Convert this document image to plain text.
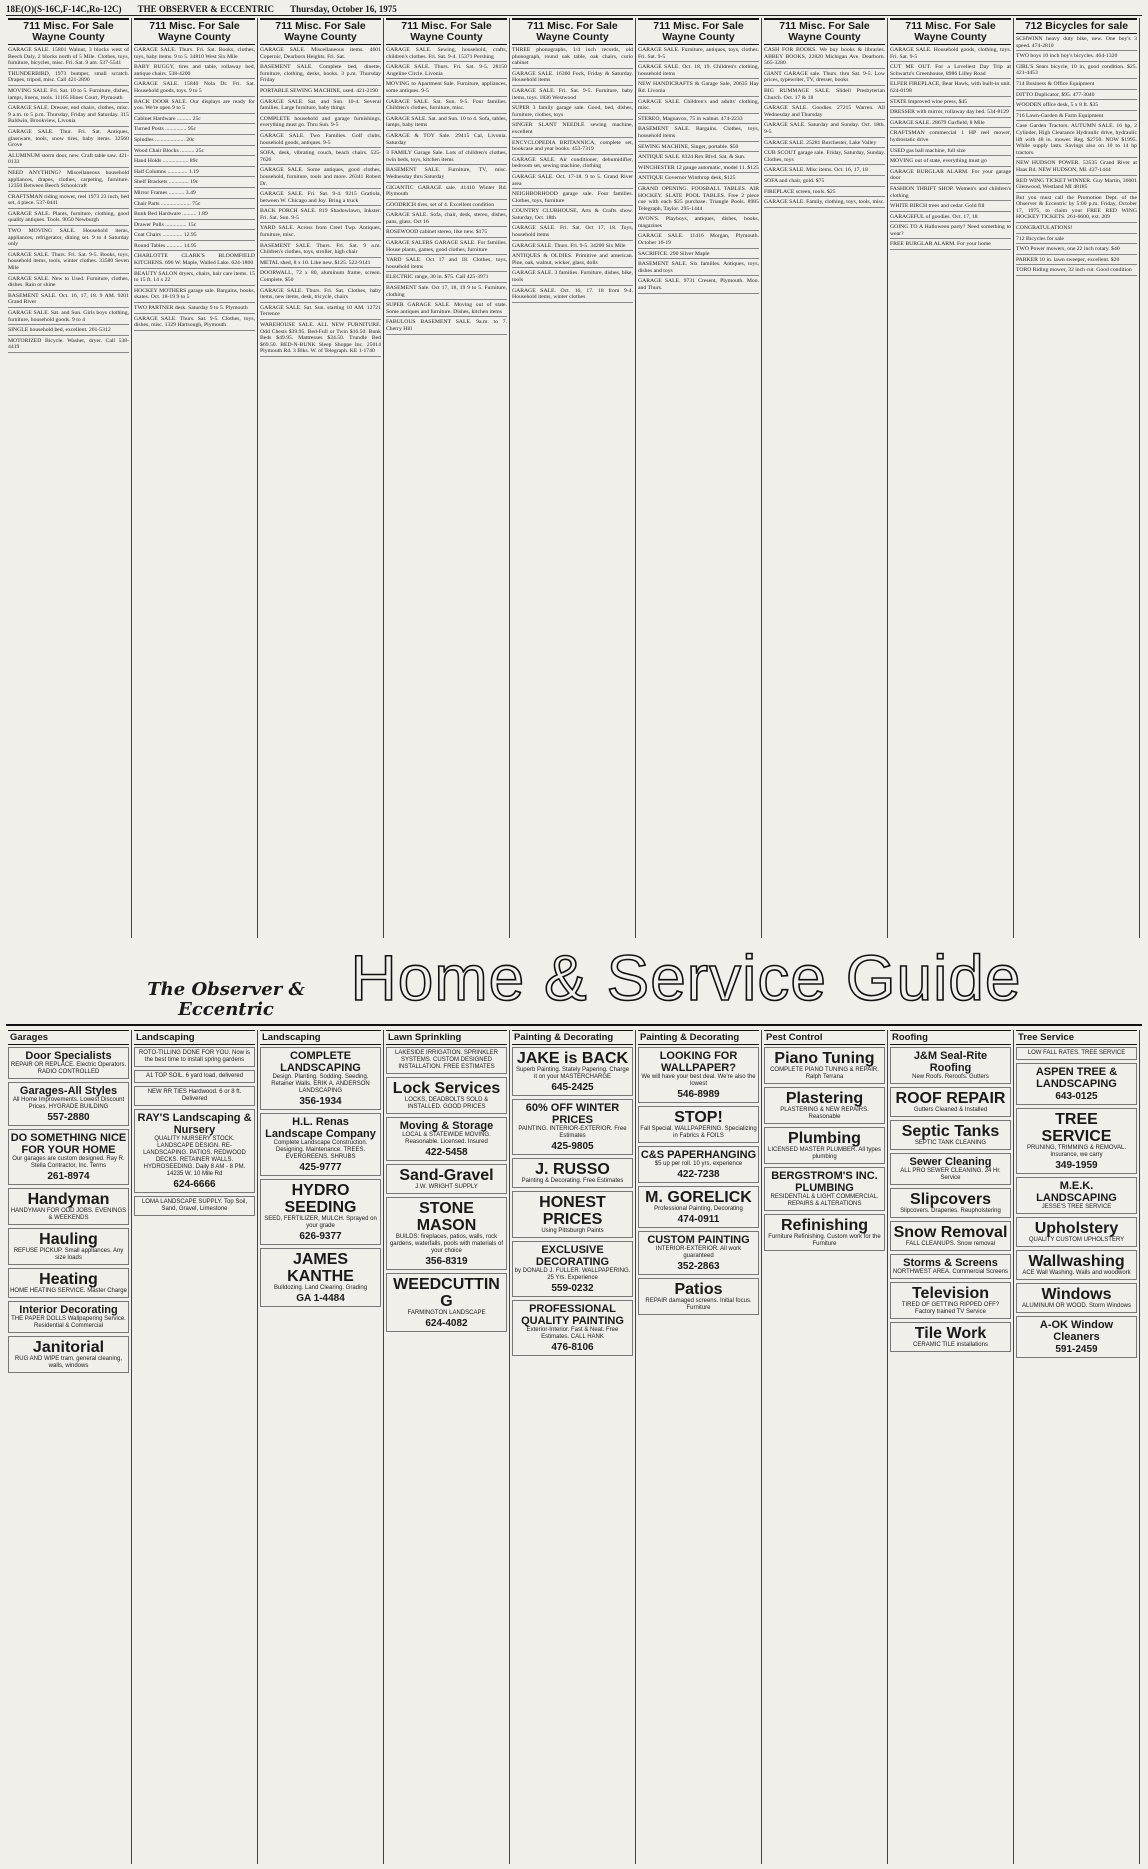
18E(O)(S-16C,F-14C,Ro-12C) THE OBSERVER & ECCENTRIC Thursday, October 16, 1975
711 Misc. For Sale Wayne County
GARAGE SALE. 15801 Walnut, 3 blocks west of Beech Daly, 2 blocks north of 5 Mile. Clothes, toys, furniture, bicycles, misc. Fri. Sat. 9 am. 537-5541
THUNDERBIRD, 1973 bumper, small scratch. Drapes, tripod, misc. Call 421-2890
MOVING SALE. Fri. Sat. 10 to 5. Furniture, dishes, lamps, linens, tools. 11165 Hines Court, Plymouth
GARAGE SALE. Dresser, end chairs, clothes, misc. 9 a.m. to 5 p.m. Thursday, Friday and Saturday. 315 Baldwin, Brookview, Livonia
GARAGE SALE. Thur. Fri. Sat. Antiques, glassware, tools, snow tires, baby items. 32560 Grove
ALUMINUM storm door, new. Craft table saw. 421-0133
NEED ANYTHING? Miscellaneous household appliances, drapes, clothes, carpeting, furniture. 12350 Between Beech Schoolcraft
CRAFTSMAN riding mower, reel 1973 23 inch, bed set, 4 piece. 537-0441
GARAGE SALE. Plants, furniture, clothing, good quality antiques. Tools. 9050 Newburgh
TWO MOVING SALE. Household items, appliances, refrigerator, dining set. 9 to 4 Saturday only
GARAGE SALE. Thurs. Fri. Sat. 9-5. Books, toys, household items, tools, winter clothes. 33580 Seven Mile
GARAGE SALE. New to Used. Furniture, clothes, dishes. Rain or shine
BASEMENT SALE. Oct. 16, 17, 18. 9 AM. 9201 Grand River
GARAGE SALE. Sat. and Sun. Girls boys clothing, furniture, household goods. 9 to 4
SINGLE household bed, excellent. 261-5312
MOTORIZED Bicycle. Washer, dryer. Call 538-4419
711 Misc. For Sale Wayne County
GARAGE SALE. Thurs. Fri. Sat. Books, clothes, toys, baby items. 9 to 5. 34810 West Six Mile
BABY BUGGY, tires and table, rollaway bed, antique chairs. 538-4200
GARAGE SALE. 15840 Nola Dr. Fri. Sat. Household goods, toys. 9 to 5
BACK DOOR SALE. Our displays are ready for you. We're open 9 to 5
Cabinet Hardware .......... 25c
Turned Posts ............... 95c
Spindles ..................... 20c
Wood Chair Blocks .......... 25c
Hand Holds .................. 89c
Half Columns .............. 1.19
Shelf Brackets .............. 19c
Mirror Frames ........... 3.49
Chair Parts ..................... 75c
Bunk Bed Hardware .......... 1.89
Drawer Pulls ............... 15c
Coat Chairs .............. 12.95
Round Tables ........... 14.95
CHARLOTTE CLARK'S BLOOMFIELD KITCHENS. 696 W. Maple, Walled Lake. 624-1800
BEAUTY SALON dryers, chairs, hair care items. 15 to 15 ft. 14 x 22
HOCKEY MOTHERS garage sale. Bargains, books, skates. Oct. 18-19 9 to 5
TWO PARTNER desk. Saturday 9 to 5. Plymouth
GARAGE SALE. Thurs. Sat. 9-5. Clothes, toys, dishes, misc. 1329 Hartsough, Plymouth
711 Misc. For Sale Wayne County
GARAGE SALE. Miscellaneous items. 4601 Copernic, Dearborn Heights. Fri. Sat.
BASEMENT SALE. Complete bed, dinette, furniture, clothing, desks, books. 3 p.m. Thursday Friday
PORTABLE SEWING MACHINE, used. 421-2190
GARAGE SALE. Sat. and Sun. 10-4. Several families. Large furniture, baby things
COMPLETE household and garage furnishings, everything must go. Thru Sun. 9-5
GARAGE SALE. Two Families. Golf clubs, household goods, antiques. 9-5
SOFA, desk, vibrating couch, beach chairs. 525-7626
GARAGE SALE. Some antiques, good clothes, household, furniture, tools and more. 26341 Robert Dr.
GARAGE SALE. Fri. Sat. 9-4. 9215 Gratiola, between W. Chicago and Joy. Bring a truck
BACK PORCH SALE. 819 Shadowlawn, Inkster. Fri. Sat. Sun. 9-5
YARD SALE. Across from Creel Twp. Antiques, furniture, misc.
BASEMENT SALE. Thurs. Fri. Sat. 9 a.m. Children's clothes, toys, stroller, high chair
METAL shed, 8 x 10. Like new. $125. 522-9141
DOORWALL, 72 x 80, aluminum frame, screen. Complete. $50
GARAGE SALE. Thurs. Fri. Sat. Clothes, baby items, new items, desk, tricycle, chairs
GARAGE SALE. Sat. Sun. starting 10 AM. 12721 Terrence
WAREHOUSE SALE. ALL NEW FURNITURE. Odd Chests $39.95. Bed-Full or Twin $16.50. Bunk Beds $49.95. Mattresses $24.50. Trundle Bed $69.50. BED-N-BUNK Sleep Shoppe Inc. 25014 Plymouth Rd. 3 Blks. W. of Telegraph. KE 1-1740
711 Misc. For Sale Wayne County
GARAGE SALE. Sewing, household, crafts, children's clothes. Fri. Sat. 9-4. 15371 Pershing
GARAGE SALE. Thurs. Fri. Sat. 9-5. 28150 Angeline Circle. Livonia
MOVING to Apartment Sale. Furniture, appliances, some antiques. 9-5
GARAGE SALE. Sat. Sun. 9-5. Four families. Children's clothes, furniture, misc.
GARAGE SALE. Sat. and Sun. 10 to 4. Sofa, tables, lamps, baby items
GARAGE & TOY Sale. 29415 Cal, Livonia. Saturday
3 FAMILY Garage Sale. Lots of children's clothes, twin beds, toys, kitchen items
BASEMENT SALE. Furniture, TV, misc. Wednesday thru Saturday
GIGANTIC GARAGE sale. 41410 Winter Rd. Plymouth
GOODRICH tires, set of 4. Excellent condition
GARAGE SALE. Sofa, chair, desk, stereo, dishes, pans, glass. Oct 16
ROSEWOOD cabinet stereo, like new. $175
GARAGE SALERS GARAGE SALE. For families. House plants, games, good clothes, furniture
YARD SALE. Oct 17 and 18. Clothes, toys, household items
ELECTRIC range, 30 in. $75. Call 425-3971
BASEMENT Sale. Oct 17, 18, 19 9 to 5. Furniture, clothing
SUPER GARAGE SALE. Moving out of state. Some antiques and furniture. Dishes, kitchen items
FABULOUS BASEMENT SALE. 9a.m. to 7. Cherry Hill
711 Misc. For Sale Wayne County
THREE phonographs, 1/4 inch records, old phonograph, round oak table, oak chairs, curio cabinet
GARAGE SALE. 16360 Fock, Friday & Saturday. Household items
GARAGE SALE. Fri. Sat. 9-5. Furniture, baby items, toys. 1836 Westwood
SUPER 3 family garage sale. Good, bed, dishes, furniture, clothes, toys
SINGER SLANT NEEDLE sewing machine, excellent
ENCYCLOPEDIA BRITANNICA, complete set, bookcase and year books. 453-7319
GARAGE SALE. Air conditioner, dehumidifier, bedroom set, sewing machine, clothing
GARAGE SALE. Oct. 17-18. 9 to 5. Grand River area
NEIGHBORHOOD garage sale. Four families. Clothes, toys, furniture
COUNTRY CLUBHOUSE, Arts & Crafts show. Saturday, Oct. 18th
GARAGE SALE. Fri. Sat. Oct 17, 18. Toys, household items
GARAGE SALE. Thurs. Fri. 9-5. 34200 Six Mile
ANTIQUES & OLDIES. Primitive and american. Pine, oak, walnut, wicker, glass, dolls
GARAGE SALE. 3 families. Furniture, dishes, bike, tools
GARAGE SALE. Oct. 16, 17. 18 from 9-4. Household items, winter clothes
711 Misc. For Sale Wayne County
GARAGE SALE. Furniture, antiques, toys, clothes. Fri. Sat. 9-5
GARAGE SALE. Oct. 18, 19. Children's clothing, household items
NEW HANDICRAFTS & Garage Sale, 20635 Hay Rd. Livonia
GARAGE SALE. Children's and adults' clothing, misc.
STEREO, Magnavox, 75 in walnut. 474-2233
BASEMENT SALE. Bargains. Clothes, toys, household items
SEWING MACHINE, Singer, portable. $50
ANTIQUE SALE. 8324 Rex Blvd. Sat. & Sun.
WINCHESTER 12 gauge automatic, model 11. $125
ANTIQUE Governor Winthrop desk, $125
GRAND OPENING. FOOSBALL TABLES. AIR HOCKEY. SLATE POOL TABLES. Free 2 piece cue with each $25 purchase. Triangle Pools. 8985 Telegraph, Taylor. 295-1444
AVON'S. Playboys, antiques, dishes, books, magazines
GARAGE SALE. 11416 Morgan, Plymouth. October 16-19
SACRIFICE. 290 Silver Maple
BASEMENT SALE. Six families. Antiques, toys, dishes and toys
GARAGE SALE. 9731 Cresent, Plymouth. Mon. and Thurs.
711 Misc. For Sale Wayne County
CASH FOR BOOKS. We buy books & libraries. ABBEY BOOKS, 22820 Michigan Ave. Dearborn. 565-3280
GIANT GARAGE sale. Thurs. thru Sat. 9-5. Low prices, typewriter, TV, dresser, books
BIG RUMMAGE SALE. Slidell Presbyterian Church. Oct. 17 & 18
GARAGE SALE. Goodies. 27215 Warren. All Wednesday and Thursday
GARAGE SALE. Saturday and Sunday. Oct. 18th. 9-5
GARAGE SALE. 25281 Burchester, Lake Valley
CUB SCOUT garage sale. Friday, Saturday, Sunday. Clothes, toys
GARAGE SALE. Misc items. Oct. 16, 17, 18
SOFA and chair, gold. $75
FIREPLACE screen, tools. $25
GARAGE SALE. Family, clothing, toys, tools, misc.
711 Misc. For Sale Wayne County
GARAGE SALE. Household goods, clothing, toys. Fri. Sat. 9-5
CUT ME OUT. For a Loveliest Day Trip at Schwartz's Greenhouse, 8986 Lilley Road
ELFER FIREPLACE, Bear Hawk, with built-in unit. 624-0198
STATE Improved wine press, $45
DRESSER with mirror, rollaway day bed. 534-8129
GARAGE SALE. 28679 Garfield, 8 Mile
CRAFTSMAN commercial 1 HP reel mower, hydrostatic drive
USED gas ball machine, full size
MOVING out of state, everything must go
GARAGE BURGLAR ALARM. For your garage door
FASHION THRIFT SHOP. Women's and children's clothing
WHITE BIRCH trees and cedar. Gold fill
GARAGEFUL of goodies. Oct. 17, 18
GOING TO A Halloween party? Need something to wear?
FREE BURGLAR ALARM. For your home
712 Bicycles for sale
SCHWINN heavy duty bike, new. One boy's 3 speed. 474-2810
TWO boys 10 inch boy's bicycles. 464-1320
GIRL'S Sears bicycle, 10 in, good condition. $25. 421-4453
714 Business & Office Equipment
DITTO Duplicator, $95. 477-3040
WOODEN office desk, 5 x 8 ft. $35
716 Lawn-Garden & Farm Equipment
Case Garden Tractors. AUTUMN SALE. 16 hp, 2 Cylinder, High Clearance Hydraulic drive, hydraulic lift with 48 in. mower. Reg. $2750. NOW $1995. While supply lasts. Savings also on 10 to 14 hp tractors.
NEW HUDSON POWER. 53535 Grand River at Haas Rd. NEW HUDSON, MI. 437-1444
RED WING TICKET WINNER. Guy Martin, 36001 Glenwood, Westland MI 48185
But you must call the Promotion Dept. of the Observer & Eccentric by 5:00 p.m. Friday, October 17, 1975, to claim your FREE RED WING HOCKEY TICKETS. 261-6600, ext. 209
CONGRATULATIONS!
712 Bicycles for sale
TWO Power mowers, one 22 inch rotary. $40
PARKER 10 in. lawn sweeper, excellent. $20
TORO Riding mower, 32 inch cut. Good condition
The Observer & Eccentric	Home & Service Guide
Garages
Door Specialists
REPAIR OR REPLACE. Electric Operators. RADIO CONTROLLED
Garages-All Styles
All Home Improvements. Lowest Discount Prices. HYGRADE BUILDING
557-2880
DO SOMETHING NICE FOR YOUR HOME
Our garages are custom designed. Ray R. Stella Contractor, Inc. Terms
261-8974
Handyman
HANDYMAN FOR ODD JOBS. EVENINGS & WEEKENDS
Hauling
REFUSE PICKUP. Small appliances. Any size loads
Heating
HOME HEATING SERVICE. Master Charge
Interior Decorating
THE PAPER DOLLS Wallpapering Service. Residential & Commercial
Janitorial
RUG AND WIPE tram, general cleaning, walls, windows
Landscaping
ROTO-TILLING DONE FOR YOU. Now is the best time to install spring gardens
A1 TOP SOIL. 6 yard load, delivered
NEW RR TIES Hardwood. 6 or 8 ft. Delivered
RAY'S Landscaping & Nursery
QUALITY NURSERY STOCK. LANDSCAPE DESIGN. RE-LANDSCAPING. PATIOS. REDWOOD DECKS. RETAINER WALLS. HYDROSEEDING. Daily 8 AM - 8 PM. 14235 W. 10 Mile Rd
624-6666
LOMA LANDSCAPE SUPPLY. Top Soil, Sand, Gravel, Limestone
Landscaping
COMPLETE LANDSCAPING
Design. Planting. Sodding. Seeding. Retainer Walls. ERIK A. ANDERSON LANDSCAPING
356-1934
H.L. Renas Landscape Company
Complete Landscape Construction. Designing. Maintenance. TREES. EVERGREENS. SHRUBS
425-9777
HYDRO SEEDING
SEED, FERTILIZER, MULCH. Sprayed on your grade
626-9377
JAMES KANTHE
Bulldozing. Land Clearing. Grading
GA 1-4484
Lawn Sprinkling
LAKESIDE IRRIGATION. SPRINKLER SYSTEMS. CUSTOM DESIGNED INSTALLATION. FREE ESTIMATES
Lock Services
LOCKS, DEADBOLTS SOLD & INSTALLED. GOOD PRICES
Moving & Storage
LOCAL & STATEWIDE MOVING. Reasonable. Licensed. Insured
422-5458
Sand-Gravel
J.W. WRIGHT SUPPLY
STONE MASON
BUILDS: fireplaces, patios, walls, rock gardens, waterfalls, pools with materials of your choice
356-8319
WEEDCUTTING
FARMINGTON LANDSCAPE
624-4082
Painting & Decorating
JAKE is BACK
Superb Painting. Stately Papering. Charge it on your MASTERCHARGE
645-2425
60% OFF WINTER PRICES
PAINTING. INTERIOR-EXTERIOR. Free Estimates
425-9805
J. RUSSO
Painting & Decorating. Free Estimates
HONEST PRICES
Using Pittsburgh Paints
EXCLUSIVE DECORATING
by DONALD J. FULLER. WALLPAPERING. 25 Yrs. Experience
559-0232
PROFESSIONAL QUALITY PAINTING
Exterior-Interior. Fast & Neat. Free Estimates. CALL HANK
476-8106
Painting & Decorating
LOOKING FOR WALLPAPER?
We will have your best deal. We're also the lowest
546-8989
STOP!
Fall Special. WALLPAPERING. Specializing in Fabrics & FOILS
C&S PAPERHANGING
$5 up per roll. 10 yrs. experience
422-7238
M. GORELICK
Professional Painting, Decorating
474-0911
CUSTOM PAINTING
INTERIOR-EXTERIOR. All work guaranteed
352-2863
Patios
REPAIR damaged screens. Initial focus. Furniture
Pest Control
Piano Tuning
COMPLETE PIANO TUNING & REPAIR. Ralph Terrana
Plastering
PLASTERING & NEW REPAIRS. Reasonable
Plumbing
LICENSED MASTER PLUMBER. All types plumbing
BERGSTROM'S INC. PLUMBING
RESIDENTIAL & LIGHT COMMERCIAL. REPAIRS & ALTERATIONS
Refinishing
Furniture Refinishing. Custom work for the Furniture
Roofing
J&M Seal-Rite Roofing
New Roofs. Reroofs. Gutters
ROOF REPAIR
Gutters Cleaned & Installed
Septic Tanks
SEPTIC TANK CLEANING
Sewer Cleaning
ALL PRO SEWER CLEANING. 24 Hr. Service
Slipcovers
Slipcovers. Draperies. Reupholstering
Snow Removal
FALL CLEANUPS. Snow removal
Storms & Screens
NORTHWEST AREA. Commercial Screens
Television
TIRED OF GETTING RIPPED OFF? Factory trained TV Service
Tile Work
CERAMIC TILE installations
Tree Service
LOW FALL RATES. TREE SERVICE
ASPEN TREE & LANDSCAPING
643-0125
TREE SERVICE
PRUNING, TRIMMING & REMOVAL. Insurance, we carry
349-1959
M.E.K. LANDSCAPING
JESSE'S TREE SERVICE
Upholstery
QUALITY CUSTOM UPHOLSTERY
Wallwashing
ACE Wall Washing. Walls and woodwork
Windows
ALUMINUM OR WOOD. Storm Windows
A-OK Window Cleaners
591-2459
